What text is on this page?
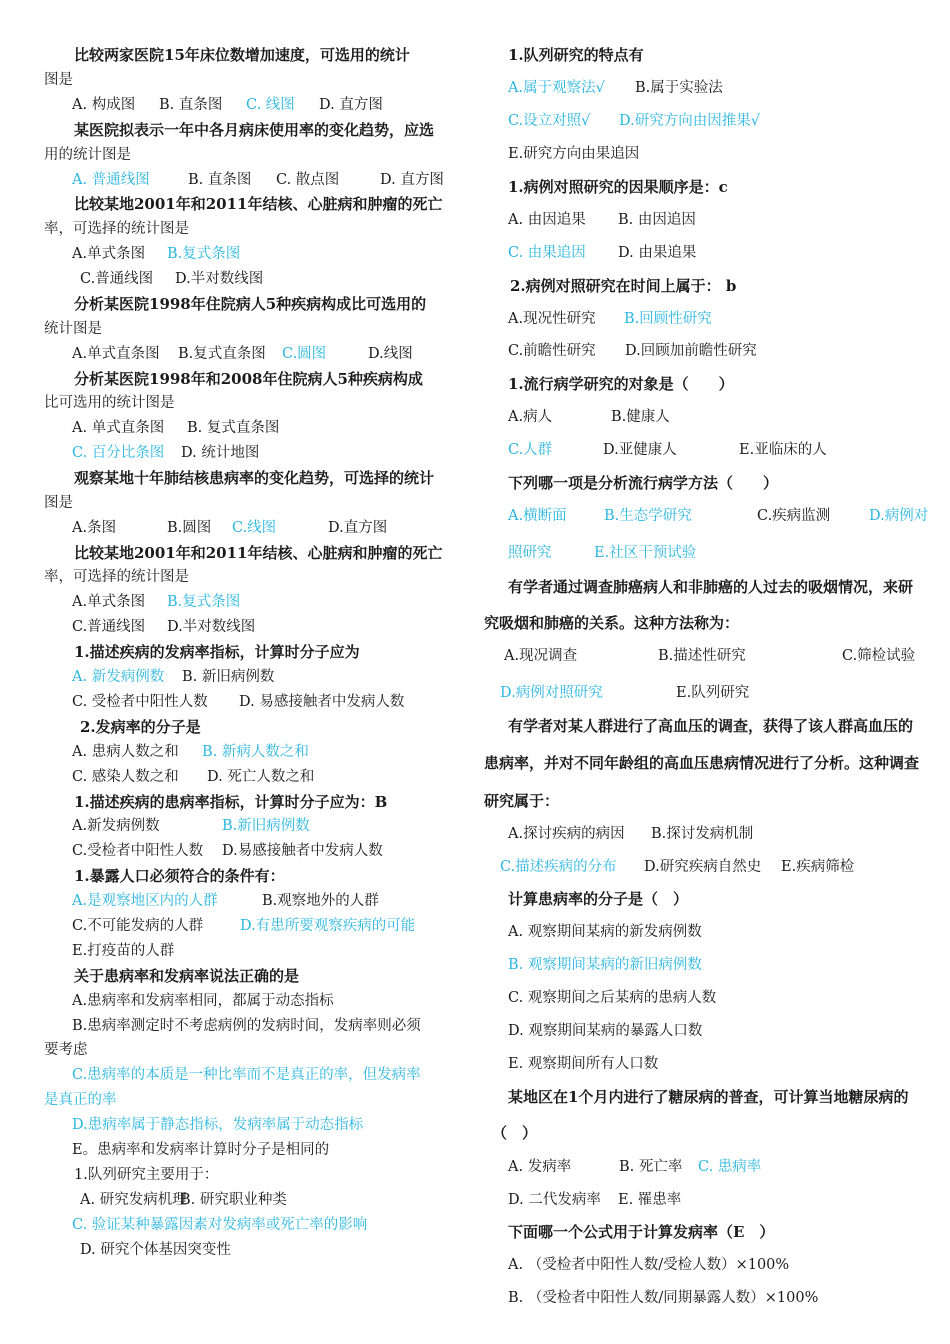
比较两家医院15年床位数增加速度，可选用的统计
图是
A. 构成图 B. 直条图 C. 线图 D. 直方图
某医院拟表示一年中各月病床使用率的变化趋势，应选
用的统计图是
A. 普通线图	B. 直条图 C. 散点图	D. 直方图
比较某地2001年和2011年结核、心脏病和肿瘤的死亡
率，可选择的统计图是
A.单式条图 B.复式条图
C.普通线图 D.半对数线图
分析某医院1998年住院病人5种疾病构成比可选用的
统计图是
A.单式直条图 B.复式直条图 C.圆图	D.线图
分析某医院1998年和2008年住院病人5种疾病构成
比可选用的统计图是
A. 单式直条图 B. 复式直条图
C. 百分比条图 D. 统计地图
观察某地十年肺结核患病率的变化趋势，可选择的统计
图是
A.条图	B.圆图 C.线图	D.直方图
比较某地2001年和2011年结核、心脏病和肿瘤的死亡
率，可选择的统计图是
A.单式条图 B.复式条图
C.普通线图 D.半对数线图
1.描述疾病的发病率指标，计算时分子应为
A. 新发病例数 B. 新旧病例数
C. 受检者中阳性人数 D. 易感接触者中发病人数
2.发病率的分子是
A. 患病人数之和 B. 新病人数之和
C. 感染人数之和 D. 死亡人数之和
1.描述疾病的患病率指标，计算时分子应为：B
A.新发病例数	B.新旧病例数
C.受检者中阳性人数 D.易感接触者中发病人数
1.暴露人口必须符合的条件有：
A.是观察地区内的人群	B.观察地外的人群
C.不可能发病的人群	D.有患所要观察疾病的可能
E.打疫苗的人群
关于患病率和发病率说法正确的是
A.患病率和发病率相同，都属于动态指标
B.患病率测定时不考虑病例的发病时间，发病率则必须
要考虑
C.患病率的本质是一种比率而不是真正的率，但发病率
是真正的率
D.患病率属于静态指标，发病率属于动态指标
E。患病率和发病率计算时分子是相同的
1.队列研究主要用于：
A. 研究发病机理
B. 研究职业种类
C. 验证某种暴露因素对发病率或死亡率的影响
D. 研究个体基因突变性
1.队列研究的特点有
A.属于观察法√ B.属于实验法
C.设立对照√ D.研究方向由因推果√
E.研究方向由果追因
1.病例对照研究的因果顺序是：c
A. 由因追果 B. 由因追因
C. 由果追因 D. 由果追果
2.病例对照研究在时间上属于： b
A.现况性研究 B.回顾性研究
C.前瞻性研究 D.回顾加前瞻性研究
1.流行病学研究的对象是（　　）
A.病人	B.健康人
C.人群	D.亚健康人	E.亚临床的人
下列哪一项是分析流行病学方法（　　）
A.横断面	B.生态学研究	C.疾病监测	D.病例对
照研究	E.社区干预试验
有学者通过调查肺癌病人和非肺癌的人过去的吸烟情况，来研
究吸烟和肺癌的关系。这种方法称为：
A.现况调查	B.描述性研究	C.筛检试验
D.病例对照研究	E.队列研究
有学者对某人群进行了高血压的调查，获得了该人群高血压的
患病率，并对不同年龄组的高血压患病情况进行了分析。这种调查
研究属于：
A.探讨疾病的病因 B.探讨发病机制
C.描述疾病的分布 D.研究疾病自然史 E.疾病筛检
计算患病率的分子是（　）
A. 观察期间某病的新发病例数
B. 观察期间某病的新旧病例数
C. 观察期间之后某病的患病人数
D. 观察期间某病的暴露人口数
E. 观察期间所有人口数
某地区在1个月内进行了糖尿病的普查，可计算当地糖尿病的
（　）
A. 发病率	B. 死亡率 C. 患病率
D. 二代发病率 E. 罹患率
下面哪一个公式用于计算发病率（E　）
A. （受检者中阳性人数/受检人数）×100%
B. （受检者中阳性人数/同期暴露人数）×100%
